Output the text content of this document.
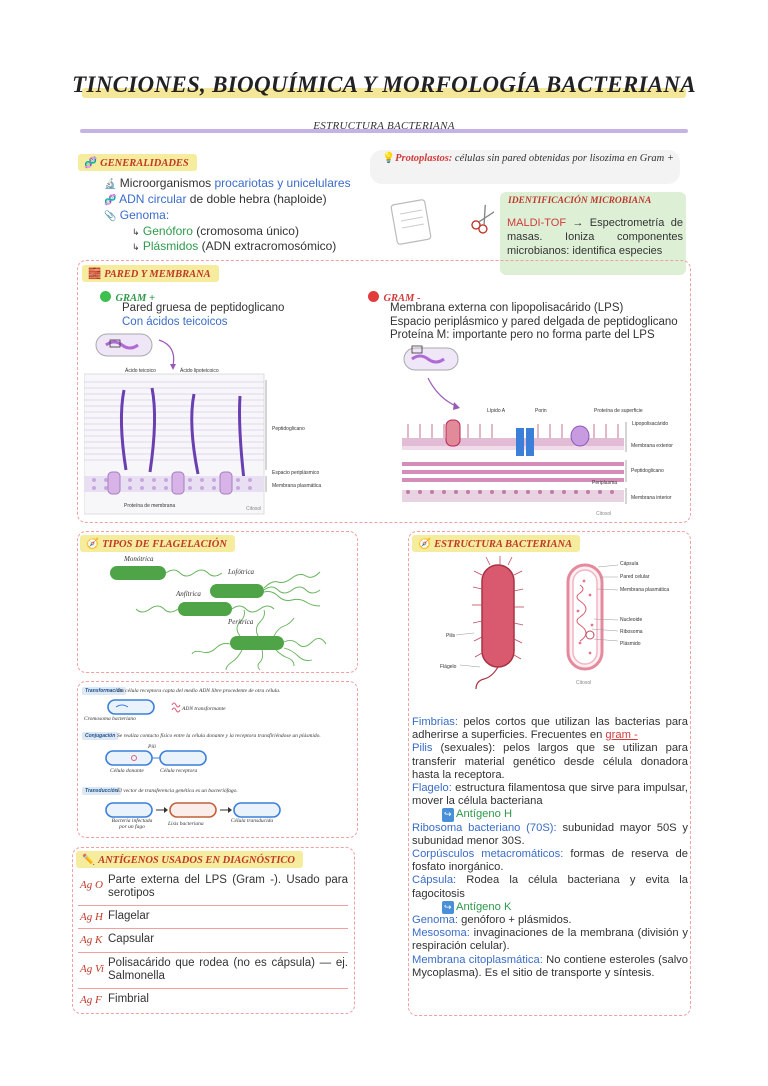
TINCIONES, BIOQUÍMICA Y MORFOLOGÍA BACTERIANA
ESTRUCTURA BACTERIANA
🧬 GENERALIDADES
🔬 Microorganismos procariotas y unicelulares
🧬 ADN circular de doble hebra (haploide)
📎 Genoma:
↳ Genóforo (cromosoma único)
↳ Plásmidos (ADN extracromosómico)
💡Protoplastos: células sin pared obtenidas por lisozima en Gram +
IDENTIFICACIÓN MICROBIANA
MALDI-TOF → Espectrometría de masas. Ioniza componentes microbianos: identifica especies
🧱 PARED Y MEMBRANA
GRAM +
Pared gruesa de peptidoglicano
Con ácidos teicoicos
Ácido teicoico	Ácido lipoteicoico
Peptidoglicano
Espacio periplásmico
Membrana plasmática
Proteína de membrana	Citosol
GRAM -
Membrana externa con lipopolisacárido (LPS)
Espacio periplásmico y pared delgada de peptidoglicano
Proteína M: importante pero no forma parte del LPS
Lípido A	Porin	Proteína de superficie
Lipopolisacárido
Membrana exterior
Peptidoglicano
Periplasma
Membrana interior
Citosol
🧭 TIPOS DE FLAGELACIÓN
Monótrica
Lofótrica
Anfítrica
Perítrica
Transformación
La célula receptora capta del medio ADN libre procedente de otra célula.
ADN transformante
Cromosoma bacteriano
Conjugación Se realiza contacto físico entre la célula donante y la receptora transfiriéndose un plásmido.
Pili
Célula donante	Célula receptora
Transducción El vector de transferencia genética es un bacteriófago.
Bacteria infectada por un fago	Lisis bacteriana	Célula transducida
✏️ ANTÍGENOS USADOS EN DIAGNÓSTICO
Ag O Parte externa del LPS (Gram -). Usado para serotipos
Ag H Flagelar
Ag K Capsular
Ag Vi Polisacárido que rodea (no es cápsula) — ej. Salmonella
Ag F Fimbrial
🧭 ESTRUCTURA BACTERIANA
Cápsula
Pared celular
Membrana plasmática
Nucleoide
Ribosoma
Plásmido
Pilis
Flágelo
Citosol

Fimbrias: pelos cortos que utilizan las bacterias para adherirse a superficies. Frecuentes en gram -

Pilis (sexuales): pelos largos que se utilizan para transferir material genético desde célula donadora hasta la receptora.

Flagelo: estructura filamentosa que sirve para impulsar, mover la célula bacteriana

↪ Antígeno H

Ribosoma bacteriano (70S): subunidad mayor 50S y subunidad menor 30S.

Corpúsculos metacromáticos: formas de reserva de fosfato inorgánico.

Cápsula: Rodea la célula bacteriana y evita la fagocitosis

↪ Antígeno K

Genoma: genóforo + plásmidos.

Mesosoma: invaginaciones de la membrana (división y respiración celular).

Membrana citoplasmática: No contiene esteroles (salvo Mycoplasma). Es el sitio de transporte y síntesis.
